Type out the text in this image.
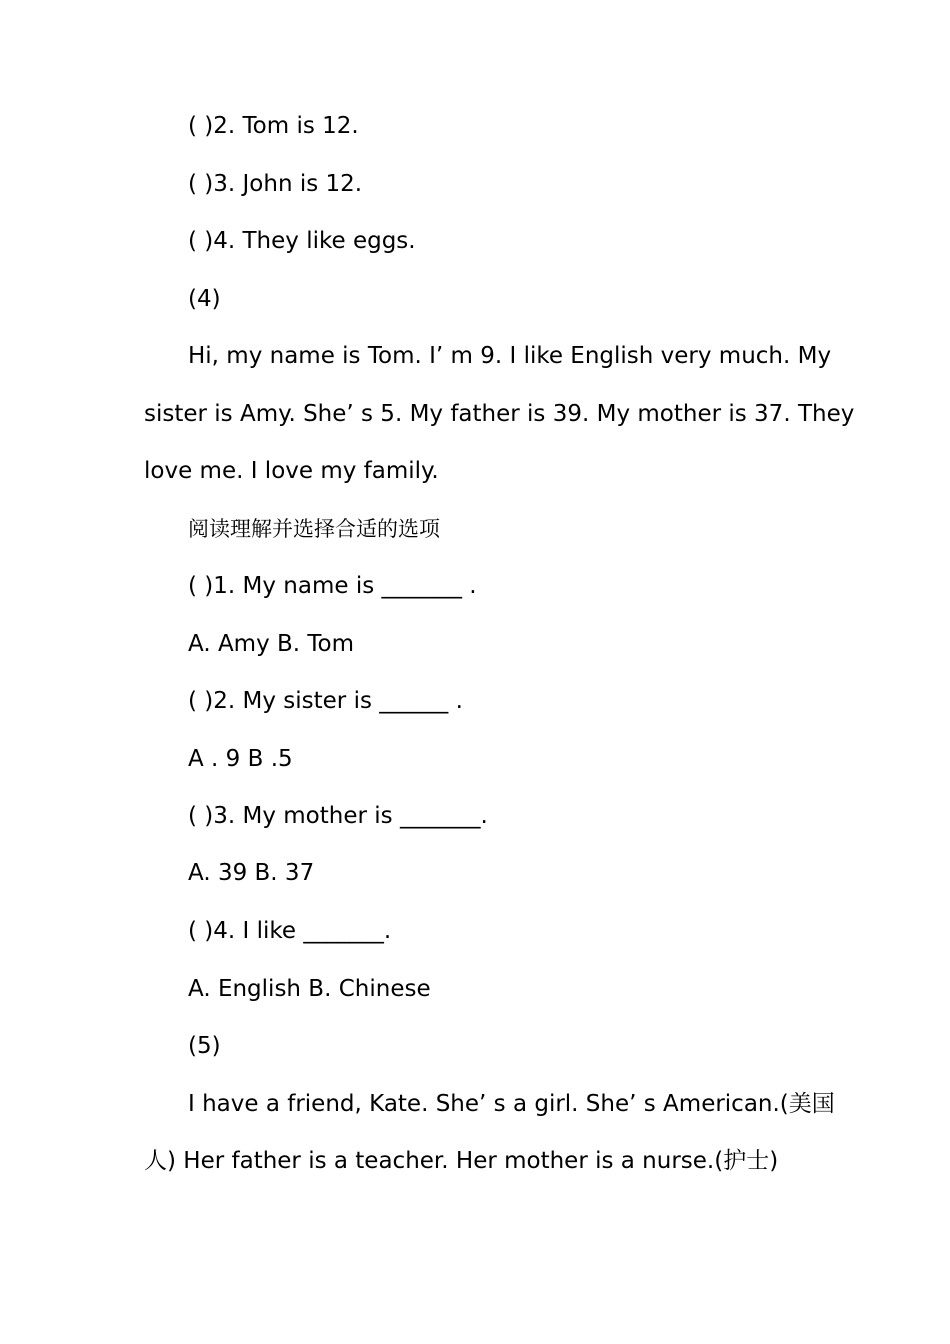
( )2. Tom is 12.
( )3. John is 12.
( )4. They like eggs.
(4)
Hi, my name is Tom. I’ m 9. I like English very much. My
sister is Amy. She’ s 5. My father is 39. My mother is 37. They
love me. I love my family.
阅读理解并选择合适的选项
( )1. My name is _______ .
A. Amy B. Tom
( )2. My sister is ______ .
A . 9 B .5
( )3. My mother is _______.
A. 39 B. 37
( )4. I like _______.
A. English B. Chinese
(5)
I have a friend, Kate. She’ s a girl. She’ s American.(美国
人) Her father is a teacher. Her mother is a nurse.(护士)
